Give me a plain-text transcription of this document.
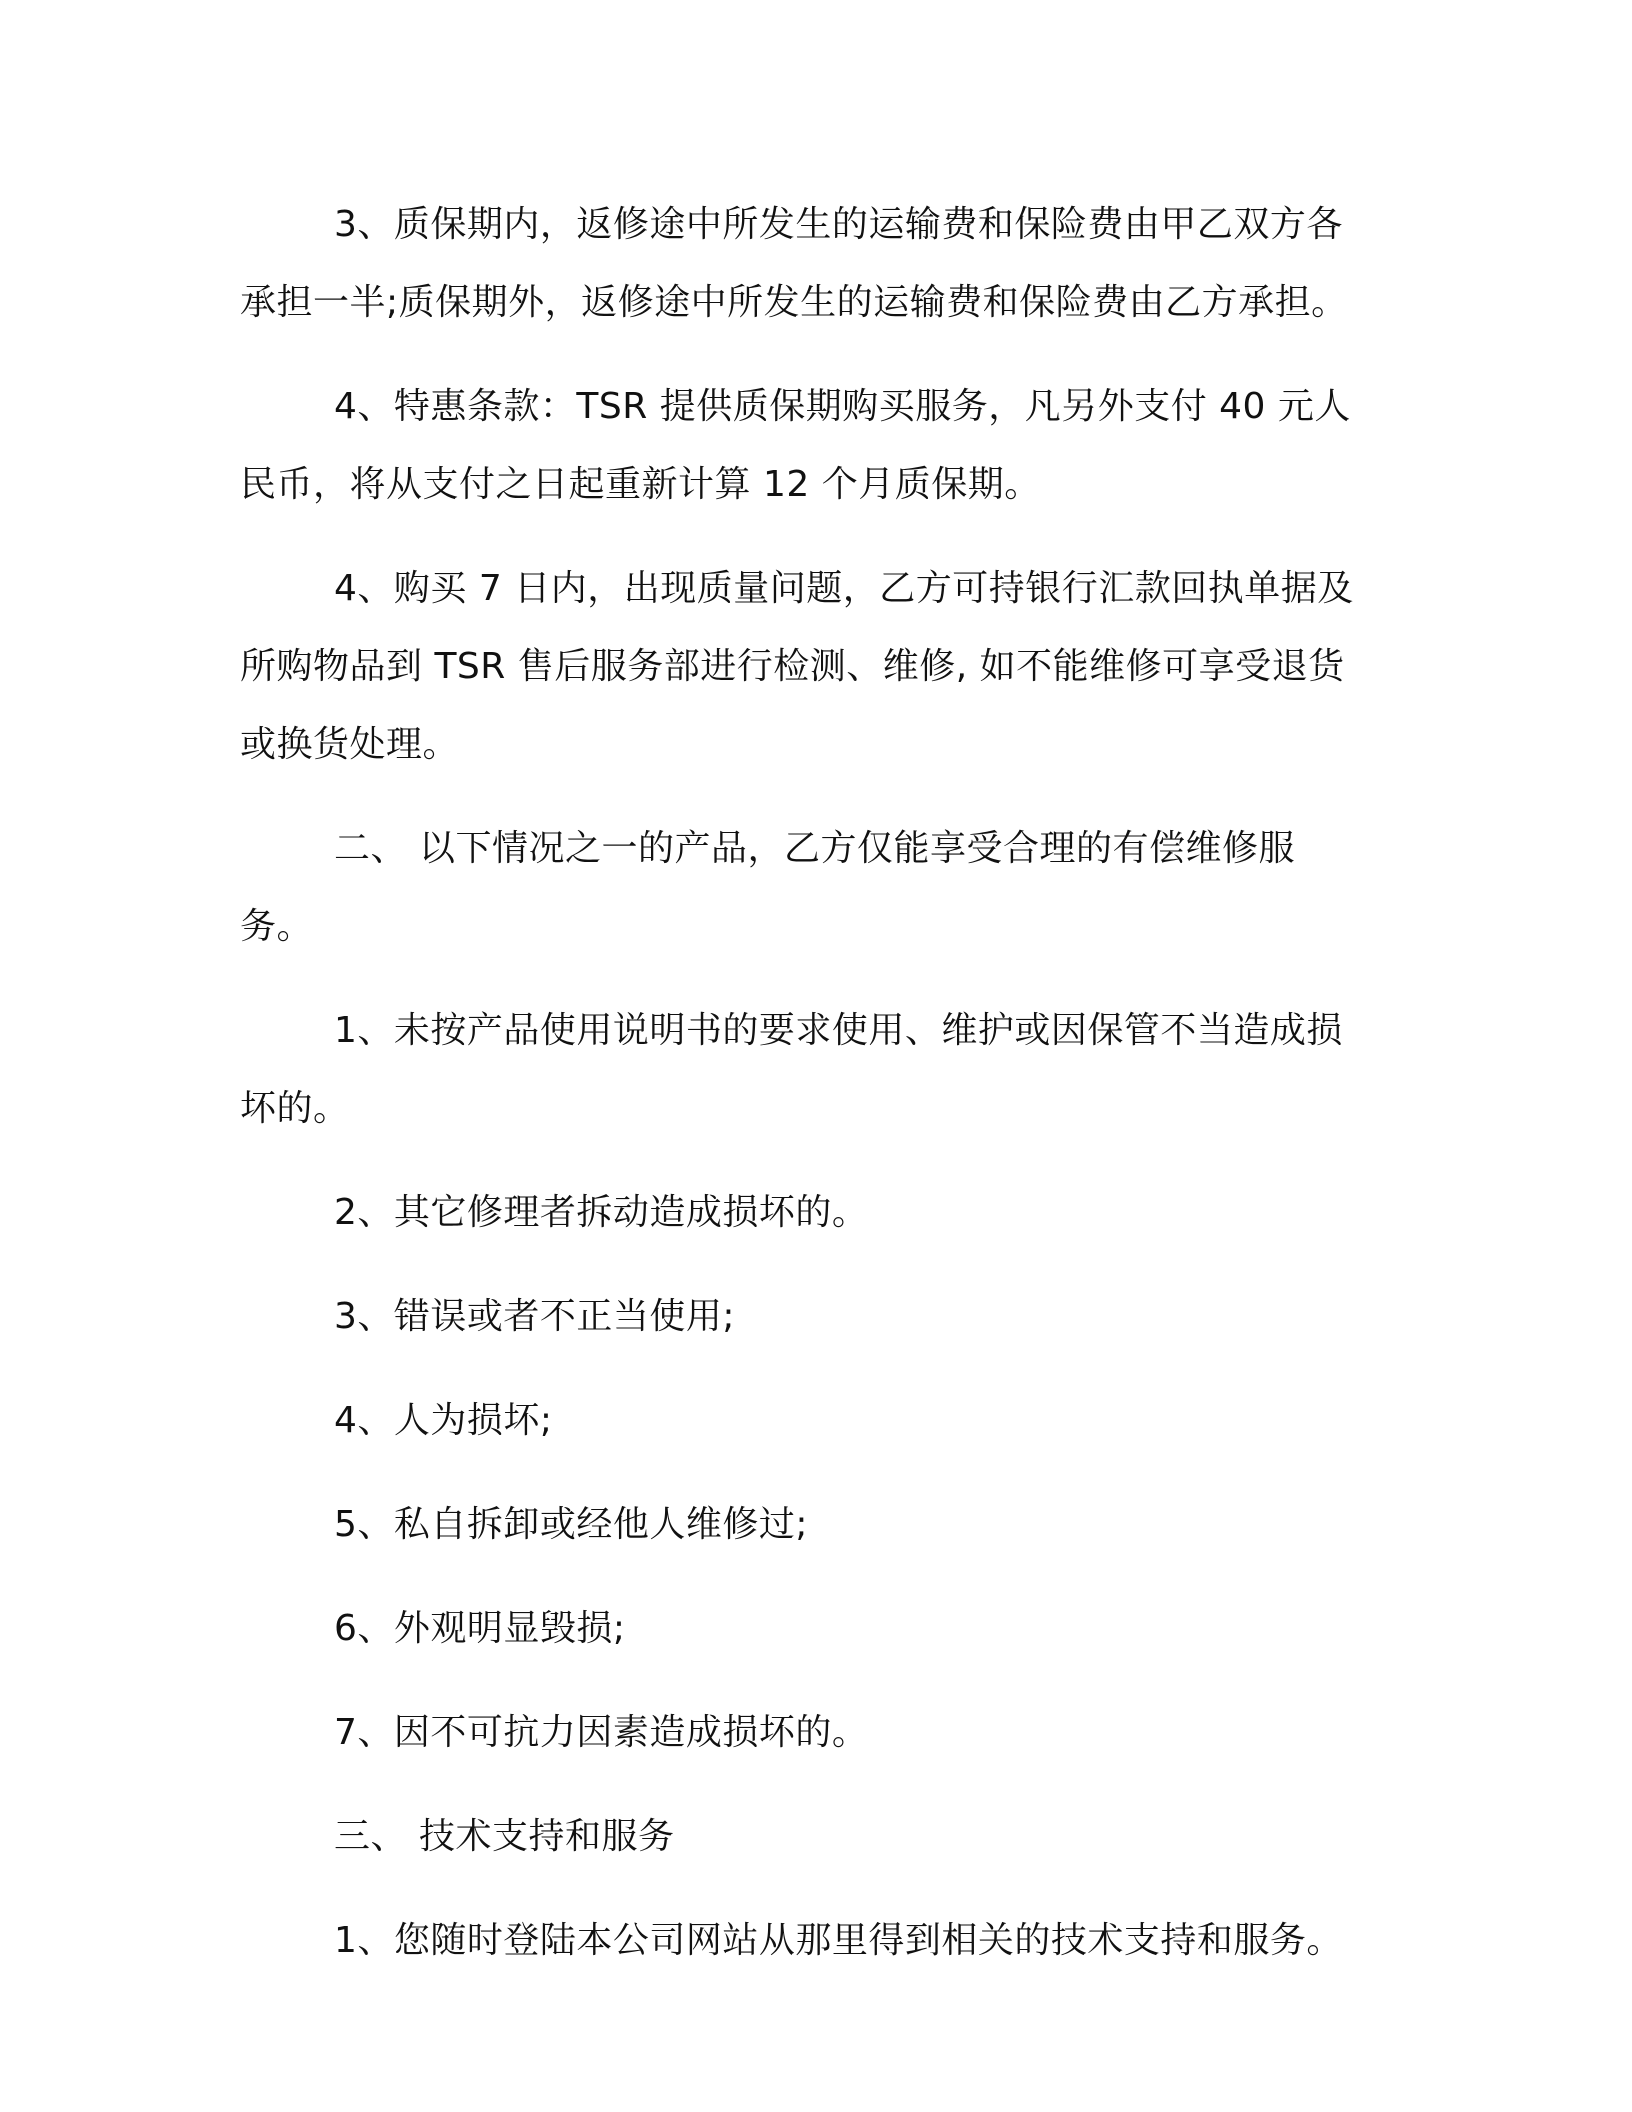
3、质保期内，返修途中所发生的运输费和保险费由甲乙双方各承担一半;质保期外，返修途中所发生的运输费和保险费由乙方承担。

4、特惠条款：TSR 提供质保期购买服务，凡另外支付 40 元人民币，将从支付之日起重新计算 12 个月质保期。

4、购买 7 日内，出现质量问题，乙方可持银行汇款回执单据及所购物品到 TSR 售后服务部进行检测、维修, 如不能维修可享受退货或换货处理。

二、 以下情况之一的产品，乙方仅能享受合理的有偿维修服务。

1、未按产品使用说明书的要求使用、维护或因保管不当造成损坏的。

2、其它修理者拆动造成损坏的。

3、错误或者不正当使用;

4、人为损坏;

5、私自拆卸或经他人维修过;

6、外观明显毁损;

7、因不可抗力因素造成损坏的。

三、 技术支持和服务

1、您随时登陆本公司网站从那里得到相关的技术支持和服务。
